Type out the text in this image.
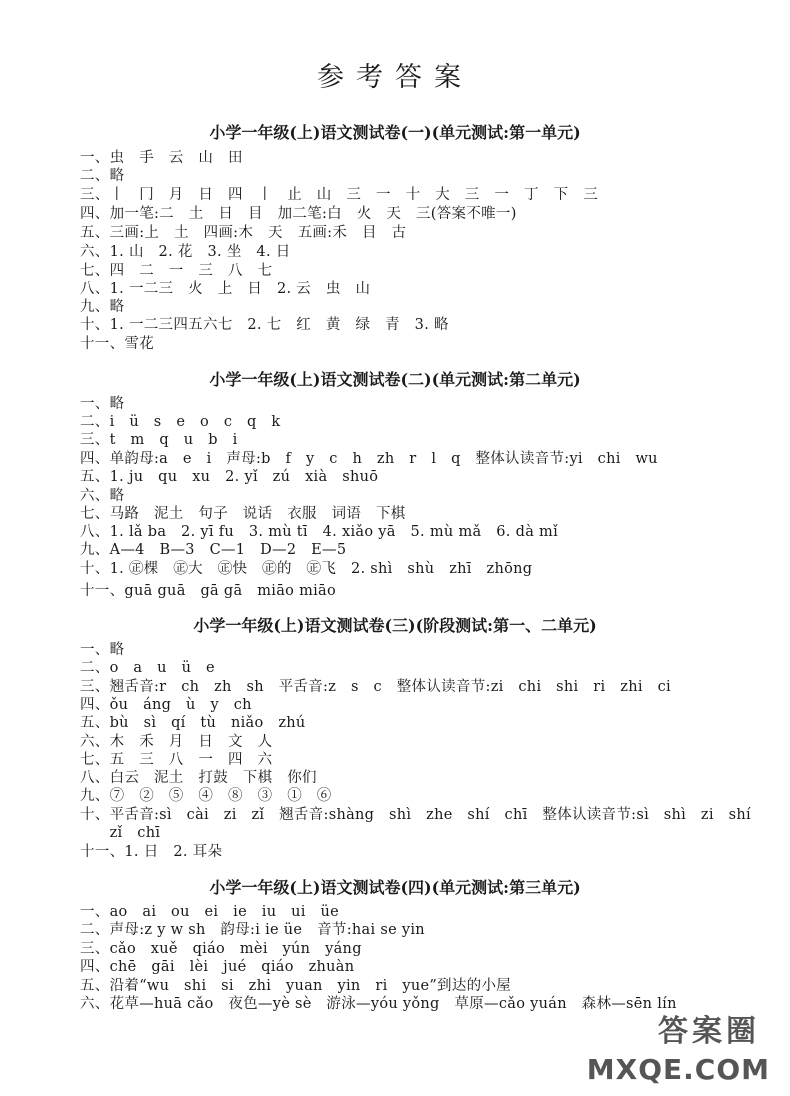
参考答案
小学一年级(上)语文测试卷(一)(单元测试:第一单元)
一、虫　手　云　山　田
二、略
三、丨　冂　月　日　四　丨　止　山　三　一　十　大　三　一　丁　下　三
四、加一笔:二　土　日　目　加二笔:白　火　天　三(答案不唯一)
五、三画:上　土　四画:木　天　五画:禾　目　古
六、1. 山　2. 花　3. 坐　4. 日
七、四　二　一　三　八　七
八、1. 一二三　火　上　日　2. 云　虫　山
九、略
十、1. 一二三四五六七　2. 七　红　黄　绿　青　3. 略
十一、雪花
小学一年级(上)语文测试卷(二)(单元测试:第二单元)
一、略
二、i　ü　s　e　o　c　q　k
三、t　m　q　u　b　i
四、单韵母:a　e　i　声母:b　f　y　c　h　zh　r　l　q　整体认读音节:yi　chi　wu
五、1. ju　qu　xu　2. yǐ　zú　xià　shuō
六、略
七、马路　泥土　句子　说话　衣服　词语　下棋
八、1. lǎ ba　2. yī fu　3. mù tī　4. xiǎo yā　5. mù mǎ　6. dà mǐ
九、A—4　B—3　C—1　D—2　E—5
十、1. ㊣棵　㊣大　㊣快　㊣的　㊣飞　2. shì　shù　zhī　zhōng
十一、guā guā　gā gā　miāo miāo
小学一年级(上)语文测试卷(三)(阶段测试:第一、二单元)
一、略
二、o　a　u　ü　e
三、翘舌音:r　ch　zh　sh　平舌音:z　s　c　整体认读音节:zi　chi　shi　ri　zhi　ci
四、ǒu　áng　ù　y　ch
五、bù　sì　qí　tù　niǎo　zhú
六、木　禾　月　日　文　人
七、五　三　八　一　四　六
八、白云　泥土　打鼓　下棋　你们
九、⑦　②　⑤　④　⑧　③　①　⑥
十、平舌音:sì　cài　zi　zǐ　翘舌音:shàng　shì　zhe　shí　chī　整体认读音节:sì　shì　zi　shí
　　zǐ　chī
十一、1. 日　2. 耳朵
小学一年级(上)语文测试卷(四)(单元测试:第三单元)
一、ao　ai　ou　ei　ie　iu　ui　üe
二、声母:z y w sh　韵母:i ie üe　音节:hai se yin
三、cǎo　xuě　qiáo　mèi　yún　yáng
四、chē　gāi　lèi　jué　qiáo　zhuàn
五、沿着“wu　shi　si　zhi　yuan　yin　ri　yue”到达的小屋
六、花草—huā cǎo　夜色—yè sè　游泳—yóu yǒng　草原—cǎo yuán　森林—sēn lín
答案圈
MXQE.COM
